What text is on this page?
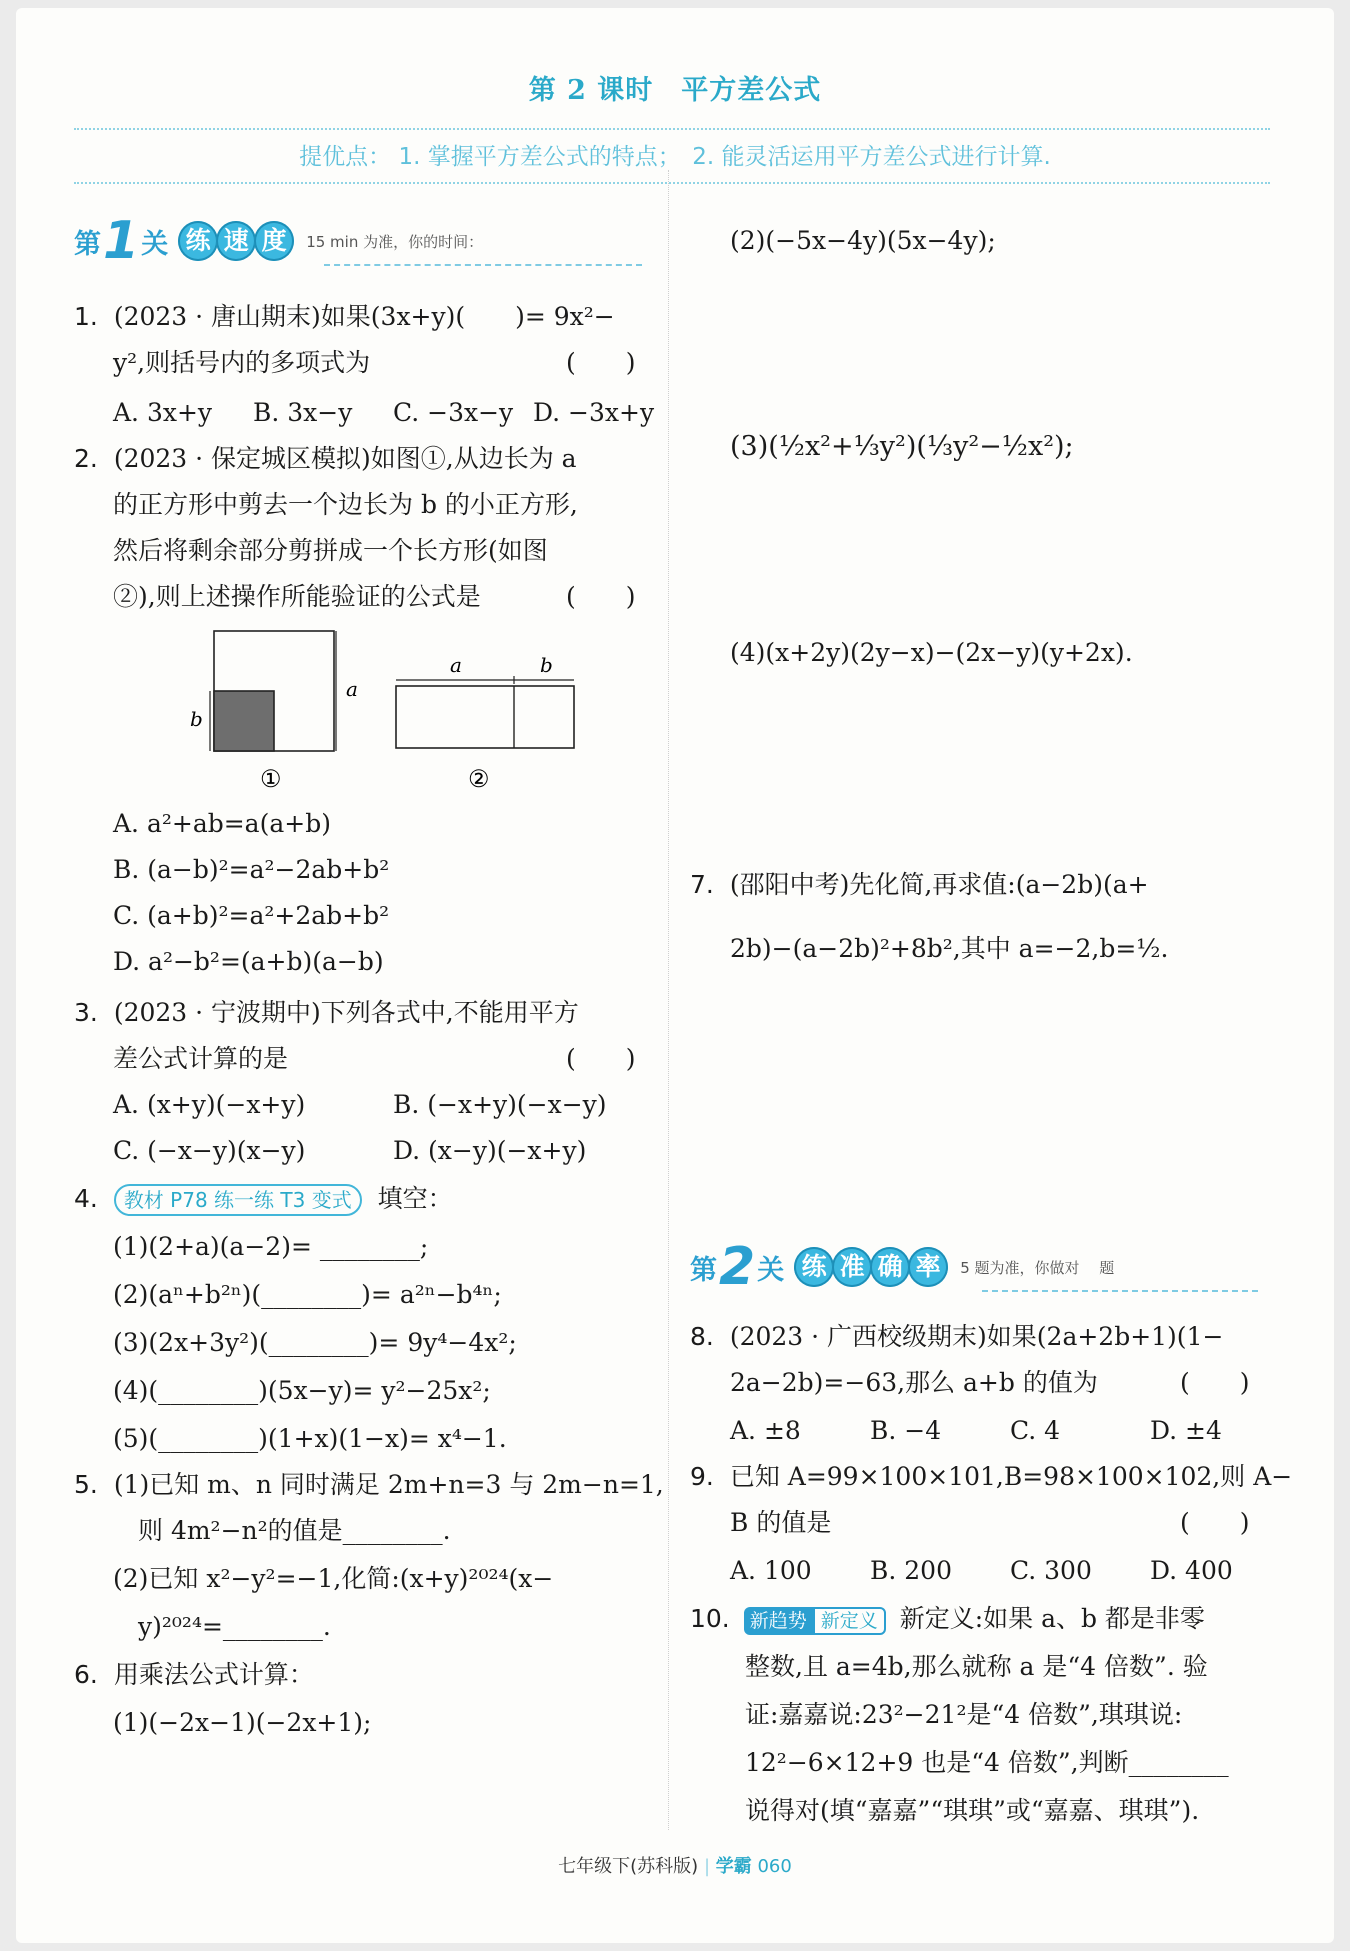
第 2 课时　平方差公式
提优点： 1. 掌握平方差公式的特点；　2. 能灵活运用平方差公式进行计算.
第 1 关 练 速 度	15 min 为准，你的时间：
1. (2023 · 唐山期末)如果(3x+y)(　　)= 9x²−
y²,则括号内的多项式为	(　　)
A. 3x+y B. 3x−y C. −3x−y D. −3x+y
2. (2023 · 保定城区模拟)如图①,从边长为 a
的正方形中剪去一个边长为 b 的小正方形,
然后将剩余部分剪拼成一个长方形(如图
②),则上述操作所能验证的公式是	(　　)
a
b
a	b
①	②
A. a²+ab=a(a+b)
B. (a−b)²=a²−2ab+b²
C. (a+b)²=a²+2ab+b²
D. a²−b²=(a+b)(a−b)
3. (2023 · 宁波期中)下列各式中,不能用平方
差公式计算的是	(　　)
A. (x+y)(−x+y)	B. (−x+y)(−x−y)
C. (−x−y)(x−y)	D. (x−y)(−x+y)
4. 教材 P78 练一练 T3 变式 填空：
(1)(2+a)(a−2)= ________;
(2)(aⁿ+b²ⁿ)(________)= a²ⁿ−b⁴ⁿ;
(3)(2x+3y²)(________)= 9y⁴−4x²;
(4)(________)(5x−y)= y²−25x²;
(5)(________)(1+x)(1−x)= x⁴−1.
5. (1)已知 m、n 同时满足 2m+n=3 与 2m−n=1,
　则 4m²−n²的值是________.
(2)已知 x²−y²=−1,化简:(x+y)²⁰²⁴(x−
　y)²⁰²⁴=________.
6. 用乘法公式计算：
(1)(−2x−1)(−2x+1);
(2)(−5x−4y)(5x−4y);
(3)(½x²+⅓y²)(⅓y²−½x²);
(4)(x+2y)(2y−x)−(2x−y)(y+2x).
7. (邵阳中考)先化简,再求值:(a−2b)(a+
2b)−(a−2b)²+8b²,其中 a=−2,b=½.
第 2 关 练 准 确 率	5 题为准，你做对　 题
8. (2023 · 广西校级期末)如果(2a+2b+1)(1−
2a−2b)=−63,那么 a+b 的值为	(　　)
A. ±8	B. −4	C. 4	D. ±4
9. 已知 A=99×100×101,B=98×100×102,则 A−
B 的值是	(　　)
A. 100 B. 200 C. 300 D. 400
10. 新趋势 新定义 新定义:如果 a、b 都是非零
整数,且 a=4b,那么就称 a 是“4 倍数”. 验
证:嘉嘉说:23²−21²是“4 倍数”,琪琪说:
12²−6×12+9 也是“4 倍数”,判断________
说得对(填“嘉嘉”“琪琪”或“嘉嘉、琪琪”).
七年级下(苏科版) | 学霸 060
